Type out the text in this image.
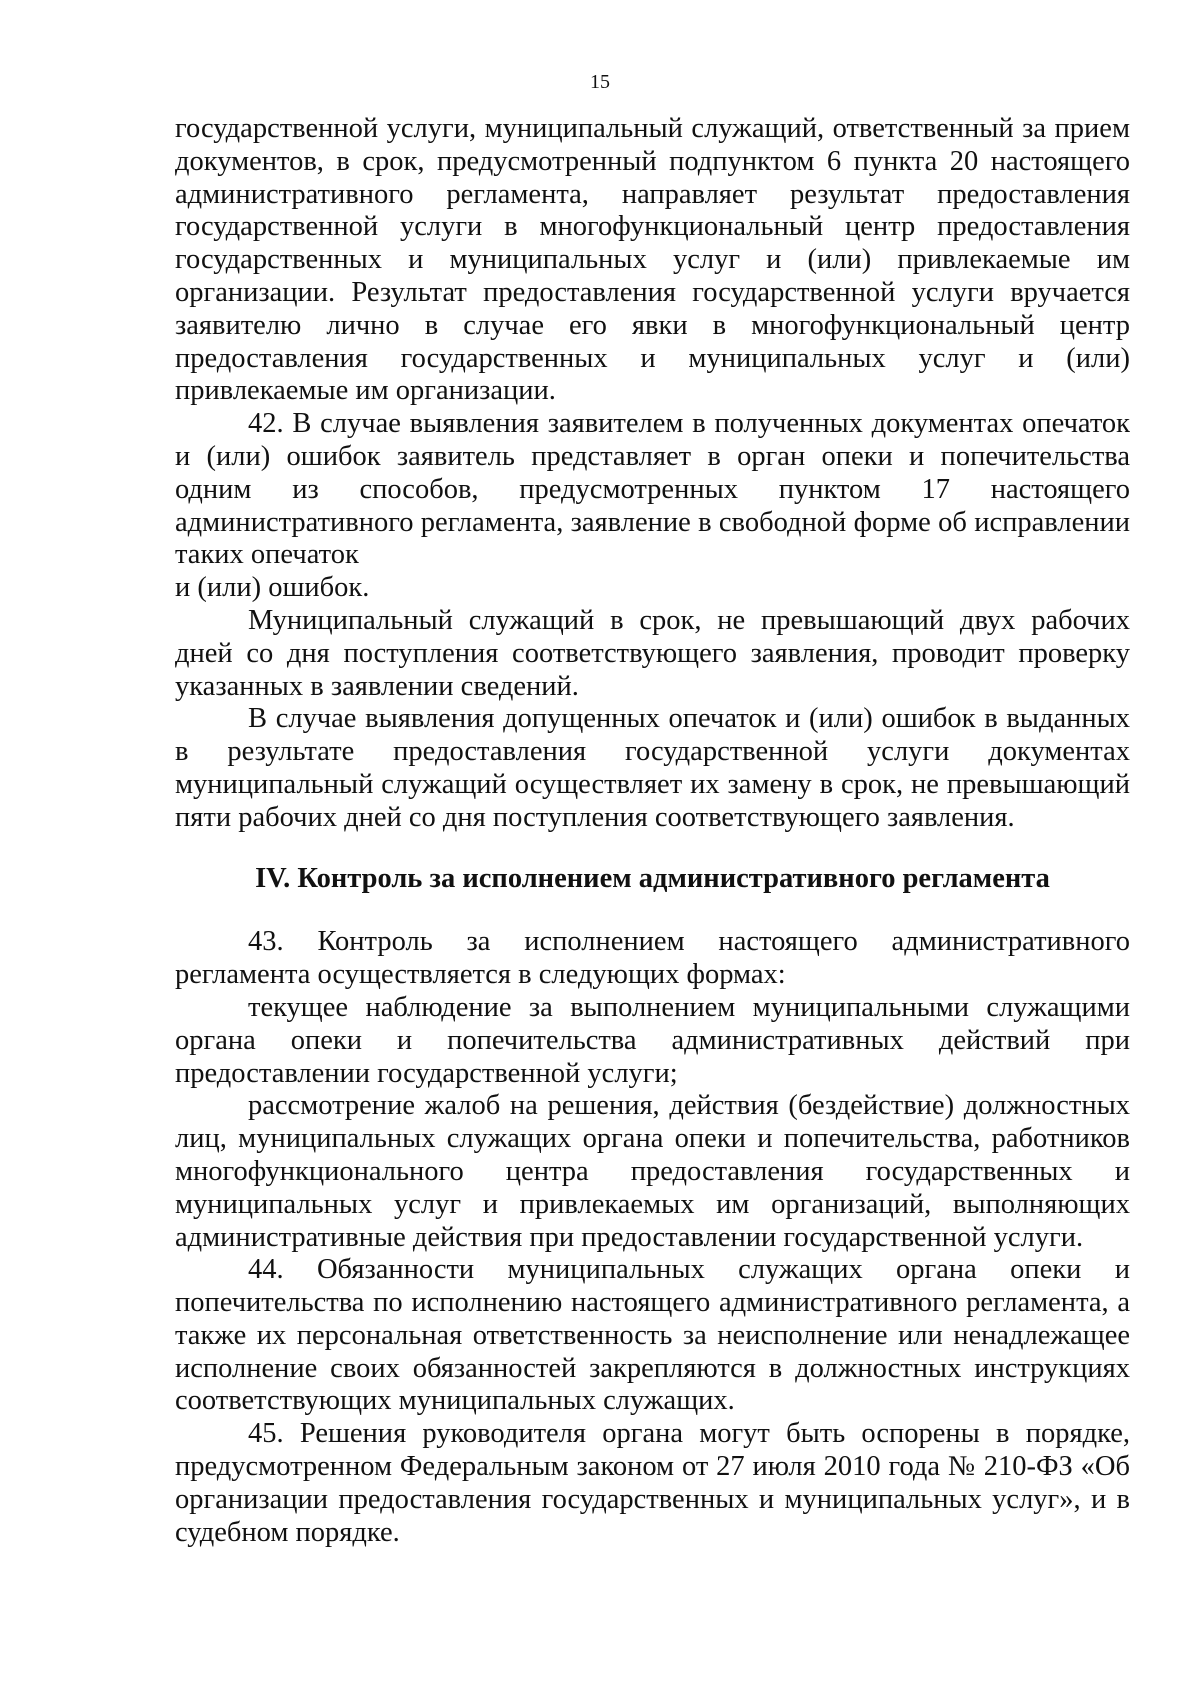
15

государственной услуги, муниципальный служащий, ответственный за прием документов, в срок, предусмотренный подпунктом 6 пункта 20 настоящего административного регламента, направляет результат предоставления государственной услуги в многофункциональный центр предоставления государственных и муниципальных услуг и (или) привлекаемые им организации. Результат предоставления государственной услуги вручается заявителю лично в случае его явки в многофункциональный центр предоставления государственных и муниципальных услуг и (или) привлекаемые им организации.

42. В случае выявления заявителем в полученных документах опечаток и (или) ошибок заявитель представляет в орган опеки и попечительства одним из способов, предусмотренных пунктом 17 настоящего административного регламента, заявление в свободной форме об исправлении таких опечаток

и (или) ошибок.

Муниципальный служащий в срок, не превышающий двух рабочих дней со дня поступления соответствующего заявления, проводит проверку указанных в заявлении сведений.

В случае выявления допущенных опечаток и (или) ошибок в выданных в результате предоставления государственной услуги документах муниципальный служащий осуществляет их замену в срок, не превышающий пяти рабочих дней со дня поступления соответствующего заявления.

IV. Контроль за исполнением административного регламента

43. Контроль за исполнением настоящего административного регламента осуществляется в следующих формах:

текущее наблюдение за выполнением муниципальными служащими органа опеки и попечительства административных действий при предоставлении государственной услуги;

рассмотрение жалоб на решения, действия (бездействие) должностных лиц, муниципальных служащих органа опеки и попечительства, работников многофункционального центра предоставления государственных и муниципальных услуг и привлекаемых им организаций, выполняющих административные действия при предоставлении государственной услуги.

44. Обязанности муниципальных служащих органа опеки и попечительства по исполнению настоящего административного регламента, а также их персональная ответственность за неисполнение или ненадлежащее исполнение своих обязанностей закрепляются в должностных инструкциях соответствующих муниципальных служащих.

45. Решения руководителя органа могут быть оспорены в порядке, предусмотренном Федеральным законом от 27 июля 2010 года № 210-ФЗ «Об организации предоставления государственных и муниципальных услуг», и в судебном порядке.
